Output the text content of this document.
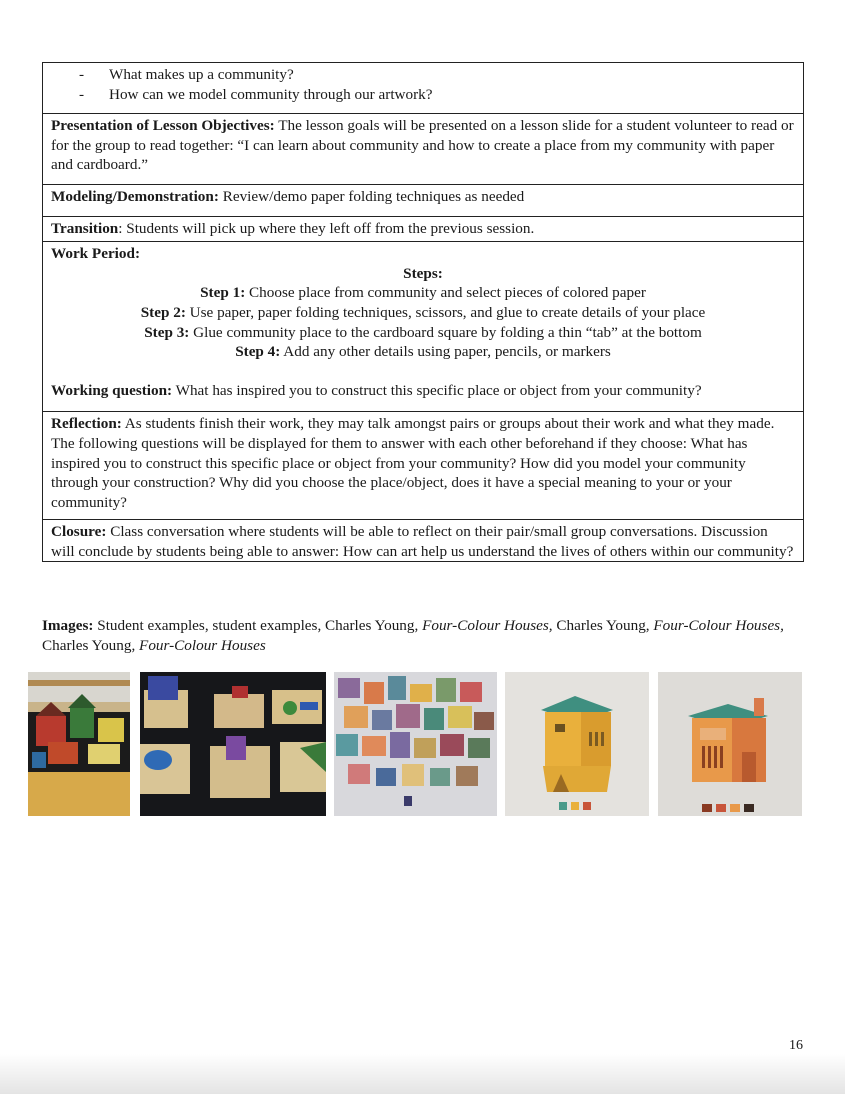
- What makes up a community?
- How can we model community through our artwork?

Presentation of Lesson Objectives: The lesson goals will be presented on a lesson slide for a student volunteer to read or for the group to read together: “I can learn about community and how to create a place from my community with paper and cardboard.”

Modeling/Demonstration: Review/demo paper folding techniques as needed

Transition: Students will pick up where they left off from the previous session.

Work Period:
Steps:
Step 1: Choose place from community and select pieces of colored paper
Step 2: Use paper, paper folding techniques, scissors, and glue to create details of your place
Step 3: Glue community place to the cardboard square by folding a thin “tab” at the bottom
Step 4: Add any other details using paper, pencils, or markers
Working question: What has inspired you to construct this specific place or object from your community?

Reflection: As students finish their work, they may talk amongst pairs or groups about their work and what they made. The following questions will be displayed for them to answer with each other beforehand if they choose: What has inspired you to construct this specific place or object from your community? How did you model your community through your construction? Why did you choose the place/object, does it have a special meaning to your or your community?

Closure: Class conversation where students will be able to reflect on their pair/small group conversations. Discussion will conclude by students being able to answer: How can art help us understand the lives of others within our community?
Images: Student examples, student examples, Charles Young, Four-Colour Houses, Charles Young, Four-Colour Houses, Charles Young, Four-Colour Houses
16
